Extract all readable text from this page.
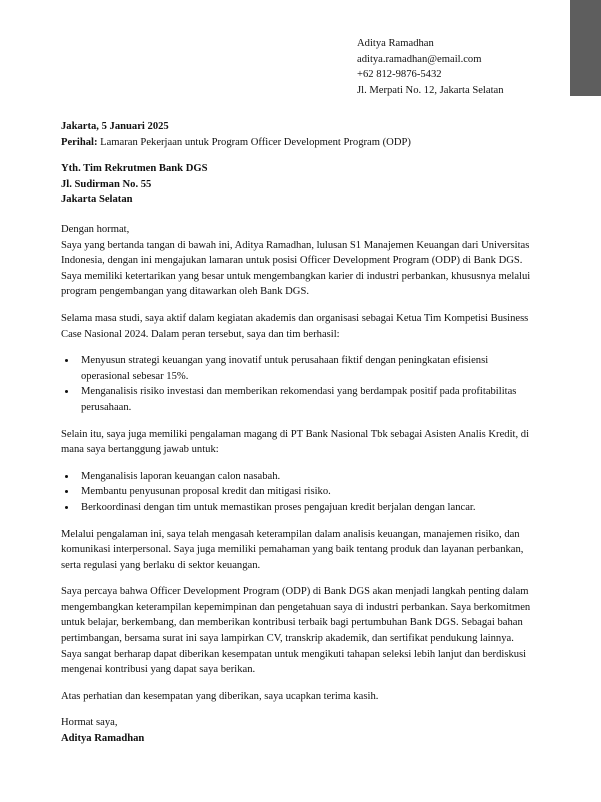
Aditya Ramadhan
aditya.ramadhan@email.com
+62 812-9876-5432
Jl. Merpati No. 12, Jakarta Selatan
Jakarta, 5 Januari 2025
Perihal: Lamaran Pekerjaan untuk Program Officer Development Program (ODP)
Yth. Tim Rekrutmen Bank DGS
Jl. Sudirman No. 55
Jakarta Selatan
Dengan hormat,

Saya yang bertanda tangan di bawah ini, Aditya Ramadhan, lulusan S1 Manajemen Keuangan dari Universitas Indonesia, dengan ini mengajukan lamaran untuk posisi Officer Development Program (ODP) di Bank DGS. Saya memiliki ketertarikan yang besar untuk mengembangkan karier di industri perbankan, khususnya melalui program pengembangan yang ditawarkan oleh Bank DGS.

Selama masa studi, saya aktif dalam kegiatan akademis dan organisasi sebagai Ketua Tim Kompetisi Business Case Nasional 2024. Dalam peran tersebut, saya dan tim berhasil:

• Menyusun strategi keuangan yang inovatif untuk perusahaan fiktif dengan peningkatan efisiensi operasional sebesar 15%.
• Menganalisis risiko investasi dan memberikan rekomendasi yang berdampak positif pada profitabilitas perusahaan.

Selain itu, saya juga memiliki pengalaman magang di PT Bank Nasional Tbk sebagai Asisten Analis Kredit, di mana saya bertanggung jawab untuk:

• Menganalisis laporan keuangan calon nasabah.
• Membantu penyusunan proposal kredit dan mitigasi risiko.
• Berkoordinasi dengan tim untuk memastikan proses pengajuan kredit berjalan dengan lancar.

Melalui pengalaman ini, saya telah mengasah keterampilan dalam analisis keuangan, manajemen risiko, dan komunikasi interpersonal. Saya juga memiliki pemahaman yang baik tentang produk dan layanan perbankan, serta regulasi yang berlaku di sektor keuangan.

Saya percaya bahwa Officer Development Program (ODP) di Bank DGS akan menjadi langkah penting dalam mengembangkan keterampilan kepemimpinan dan pengetahuan saya di industri perbankan. Saya berkomitmen untuk belajar, berkembang, dan memberikan kontribusi terbaik bagi pertumbuhan Bank DGS. Sebagai bahan pertimbangan, bersama surat ini saya lampirkan CV, transkrip akademik, dan sertifikat pendukung lainnya. Saya sangat berharap dapat diberikan kesempatan untuk mengikuti tahapan seleksi lebih lanjut dan berdiskusi mengenai kontribusi yang dapat saya berikan.

Atas perhatian dan kesempatan yang diberikan, saya ucapkan terima kasih.

Hormat saya,
Aditya Ramadhan
